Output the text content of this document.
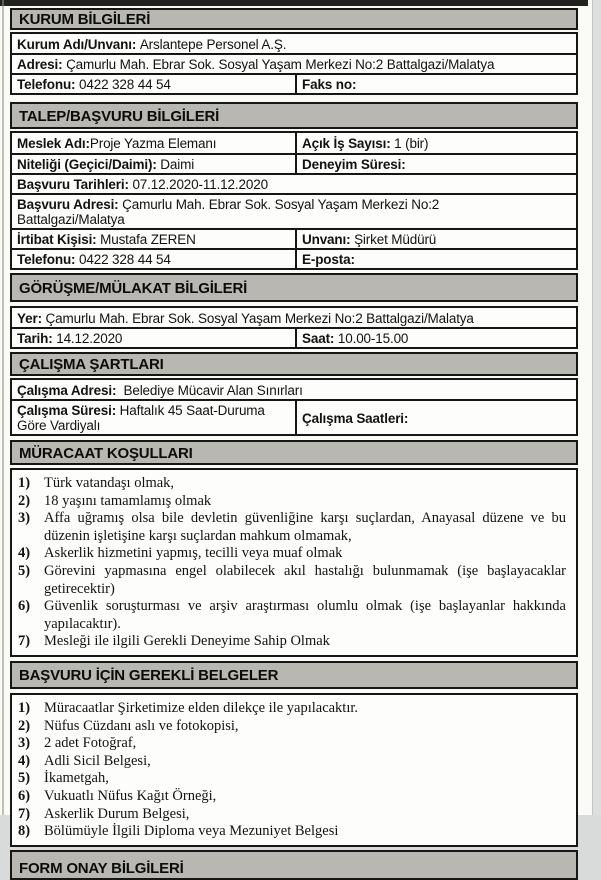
KURUM BİLGİLERİ
Kurum Adı/Unvanı: Arslantepe Personel A.Ş.
Adresi: Çamurlu Mah. Ebrar Sok. Sosyal Yaşam Merkezi No:2 Battalgazi/Malatya
Telefonu: 0422 328 44 54	Faks no:
TALEP/BAŞVURU BİLGİLERİ
Meslek Adı: Proje Yazma Elemanı	Açık İş Sayısı: 1 (bir)
Niteliği (Geçici/Daimi): Daimi	Deneyim Süresi:
Başvuru Tarihleri: 07.12.2020-11.12.2020
Başvuru Adresi: Çamurlu Mah. Ebrar Sok. Sosyal Yaşam Merkezi No:2
Battalgazi/Malatya
İrtibat Kişisi: Mustafa ZEREN	Unvanı: Şirket Müdürü
Telefonu: 0422 328 44 54	E-posta:
GÖRÜŞME/MÜLAKAT BİLGİLERİ
Yer: Çamurlu Mah. Ebrar Sok. Sosyal Yaşam Merkezi No:2 Battalgazi/Malatya
Tarih: 14.12.2020	Saat: 10.00-15.00
ÇALIŞMA ŞARTLARI
Çalışma Adresi: Belediye Mücavir Alan Sınırları
Çalışma Süresi: Haftalık 45 Saat-Duruma Göre Vardiyalı	Çalışma Saatleri:
MÜRACAAT KOŞULLARI
1) Türk vatandaşı olmak,
2) 18 yaşını tamamlamış olmak
3) Affa uğramış olsa bile devletin güvenliğine karşı suçlardan, Anayasal düzene ve bu düzenin işletişine karşı suçlardan mahkum olmamak,
4) Askerlik hizmetini yapmış, tecilli veya muaf olmak
5) Görevini yapmasına engel olabilecek akıl hastalığı bulunmamak (işe başlayacaklar getirecektir)
6) Güvenlik soruşturması ve arşiv araştırması olumlu olmak (işe başlayanlar hakkında yapılacaktır).
7) Mesleği ile ilgili Gerekli Deneyime Sahip Olmak
BAŞVURU İÇİN GEREKLİ BELGELER
1) Müracaatlar Şirketimize elden dilekçe ile yapılacaktır.
2) Nüfus Cüzdanı aslı ve fotokopisi,
3) 2 adet Fotoğraf,
4) Adli Sicil Belgesi,
5) İkametgah,
6) Vukuatlı Nüfus Kağıt Örneği,
7) Askerlik Durum Belgesi,
8) Bölümüyle İlgili Diploma veya Mezuniyet Belgesi
FORM ONAY BİLGİLERİ
